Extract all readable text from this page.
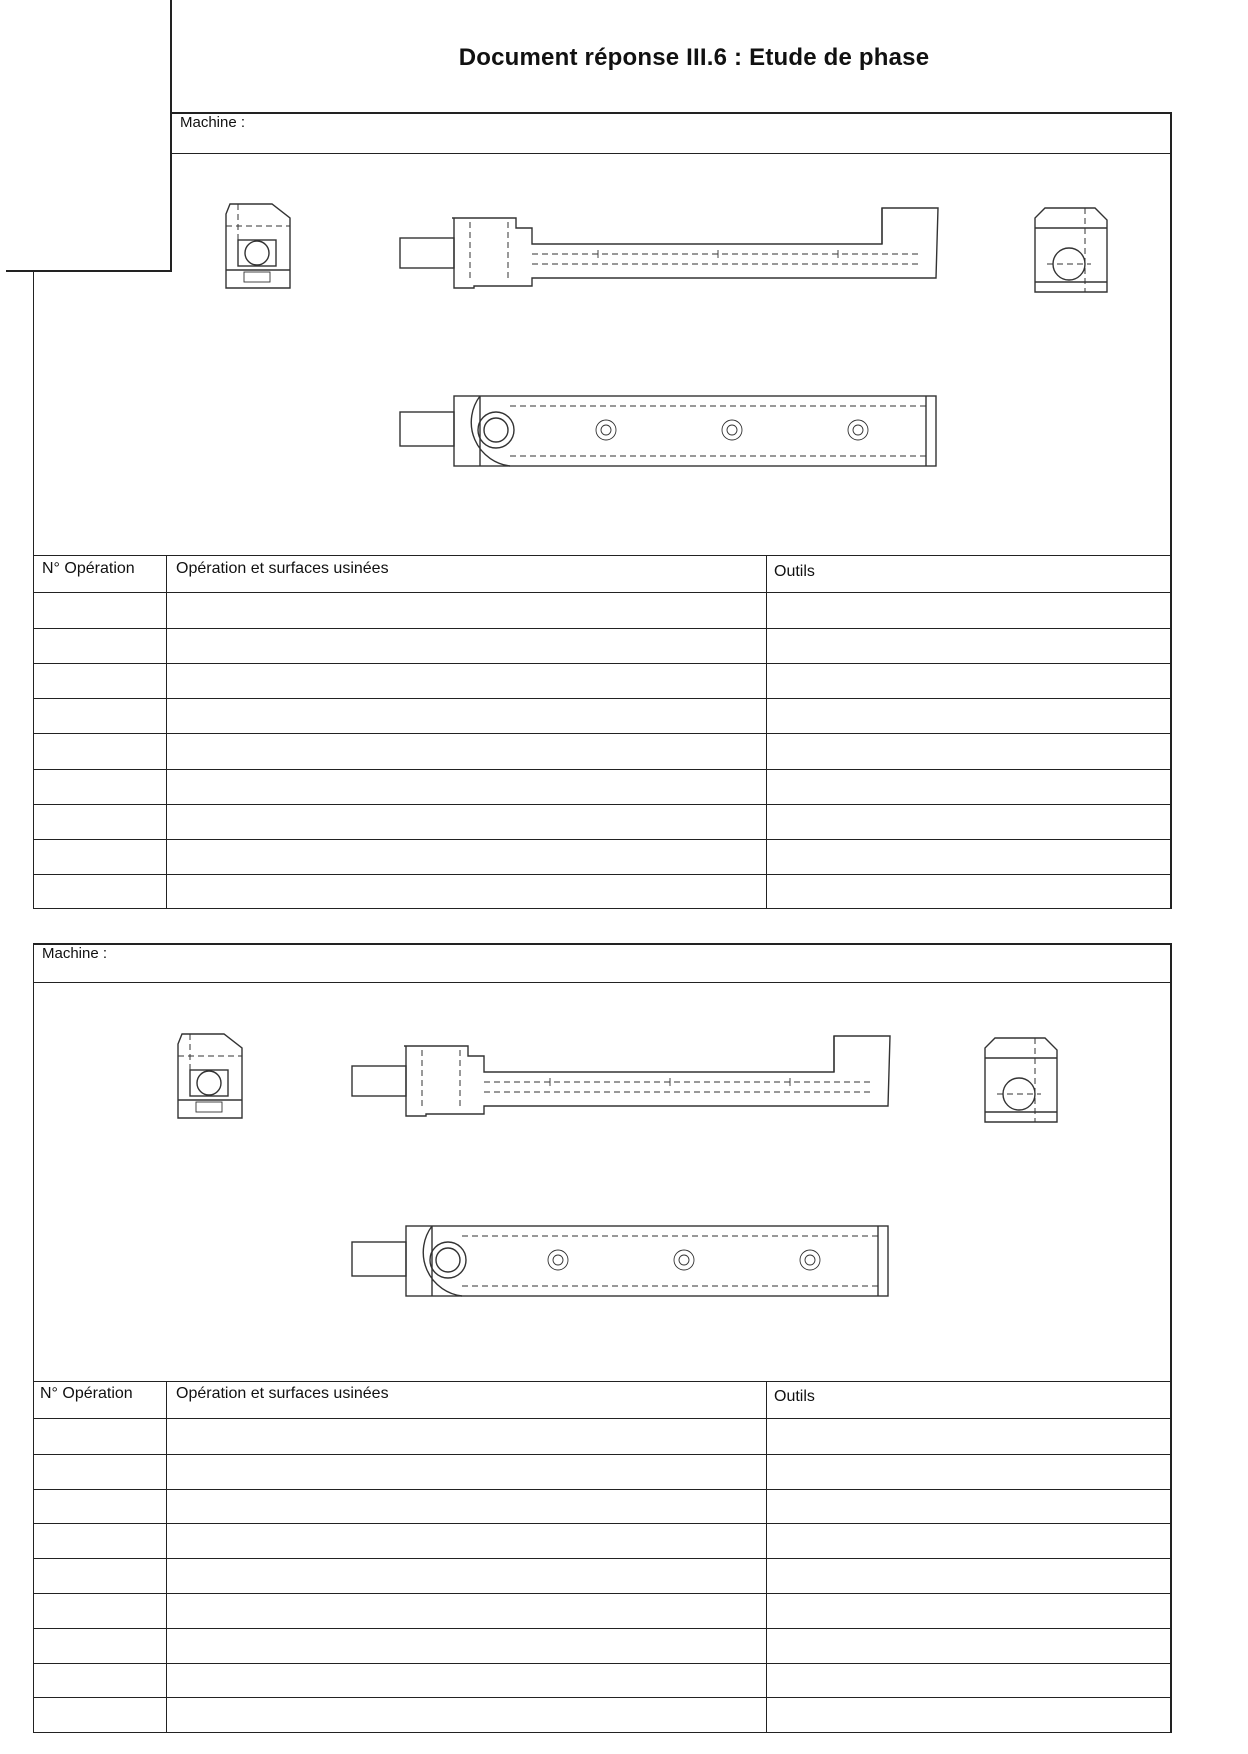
Document réponse III.6 : Etude de phase
Machine :
N° Opération	Opération et surfaces usinées	Outils
Machine :
N° Opération	Opération et surfaces usinées	Outils
